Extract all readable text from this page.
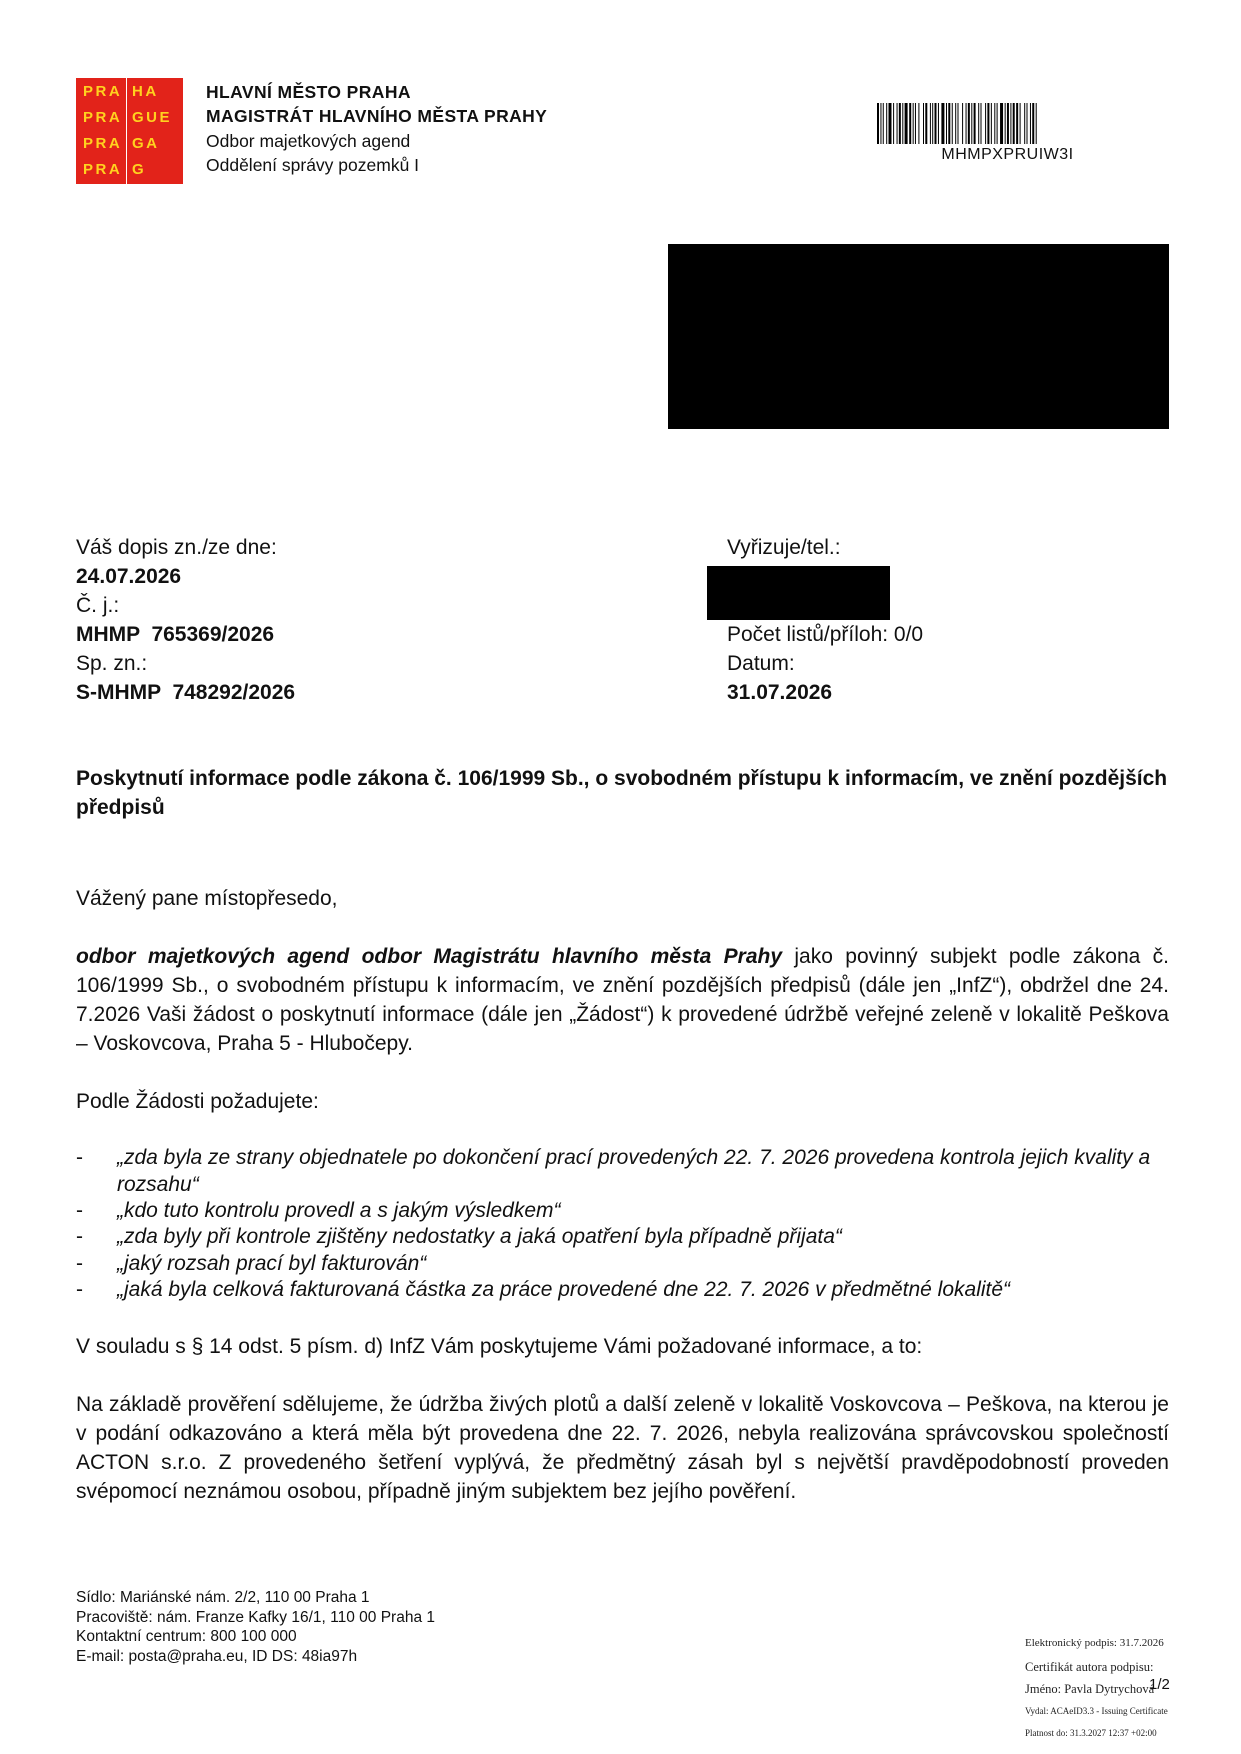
PRA HA
PRA GUE
PRA GA
PRA G
HLAVNÍ MĚSTO PRAHA
MAGISTRÁT HLAVNÍHO MĚSTA PRAHY
Odbor majetkových agend
Oddělení správy pozemků I
MHMPXPRUIW3I
Váš dopis zn./ze dne:
24.07.2026
Č. j.:
MHMP  765369/2026
Sp. zn.:
S-MHMP  748292/2026
Vyřizuje/tel.:
Počet listů/příloh: 0/0
Datum:
31.07.2026
Poskytnutí informace podle zákona č. 106/1999 Sb., o svobodném přístupu k informacím, ve znění pozdějších předpisů
Vážený pane místopřesedo,
odbor majetkových agend odbor Magistrátu hlavního města Prahy jako povinný subjekt podle zákona č. 106/1999 Sb., o svobodném přístupu k informacím, ve znění pozdějších předpisů (dále jen „InfZ“), obdržel dne 24. 7.2026 Vaši žádost o poskytnutí informace (dále jen „Žádost“) k provedené údržbě veřejné zeleně v lokalitě Peškova – Voskovcova, Praha 5 - Hlubočepy.
Podle Žádosti požadujete:
- „zda byla ze strany objednatele po dokončení prací provedených 22. 7. 2026 provedena kontrola jejich kvality a rozsahu“
- „kdo tuto kontrolu provedl a s jakým výsledkem“
- „zda byly při kontrole zjištěny nedostatky a jaká opatření byla případně přijata“
- „jaký rozsah prací byl fakturován“
- „jaká byla celková fakturovaná částka za práce provedené dne 22. 7. 2026 v předmětné lokalitě“
V souladu s § 14 odst. 5 písm. d) InfZ Vám poskytujeme Vámi požadované informace, a to:
Na základě prověření sdělujeme, že údržba živých plotů a další zeleně v lokalitě Voskovcova – Peškova, na kterou je v podání odkazováno a která měla být provedena dne 22. 7. 2026, nebyla realizována správcovskou společností ACTON s.r.o. Z provedeného šetření vyplývá, že předmětný zásah byl s největší pravděpodobností proveden svépomocí neznámou osobou, případně jiným subjektem bez jejího pověření.
Sídlo: Mariánské nám. 2/2, 110 00 Praha 1
Pracoviště: nám. Franze Kafky 16/1, 110 00 Praha 1
Kontaktní centrum: 800 100 000
E-mail: posta@praha.eu, ID DS: 48ia97h
Elektronický podpis: 31.7.2026
Certifikát autora podpisu:
Jméno: Pavla Dytrychová
Vydal: ACAeID3.3 - Issuing Certificate
Platnost do: 31.3.2027 12:37 +02:00
1/2
